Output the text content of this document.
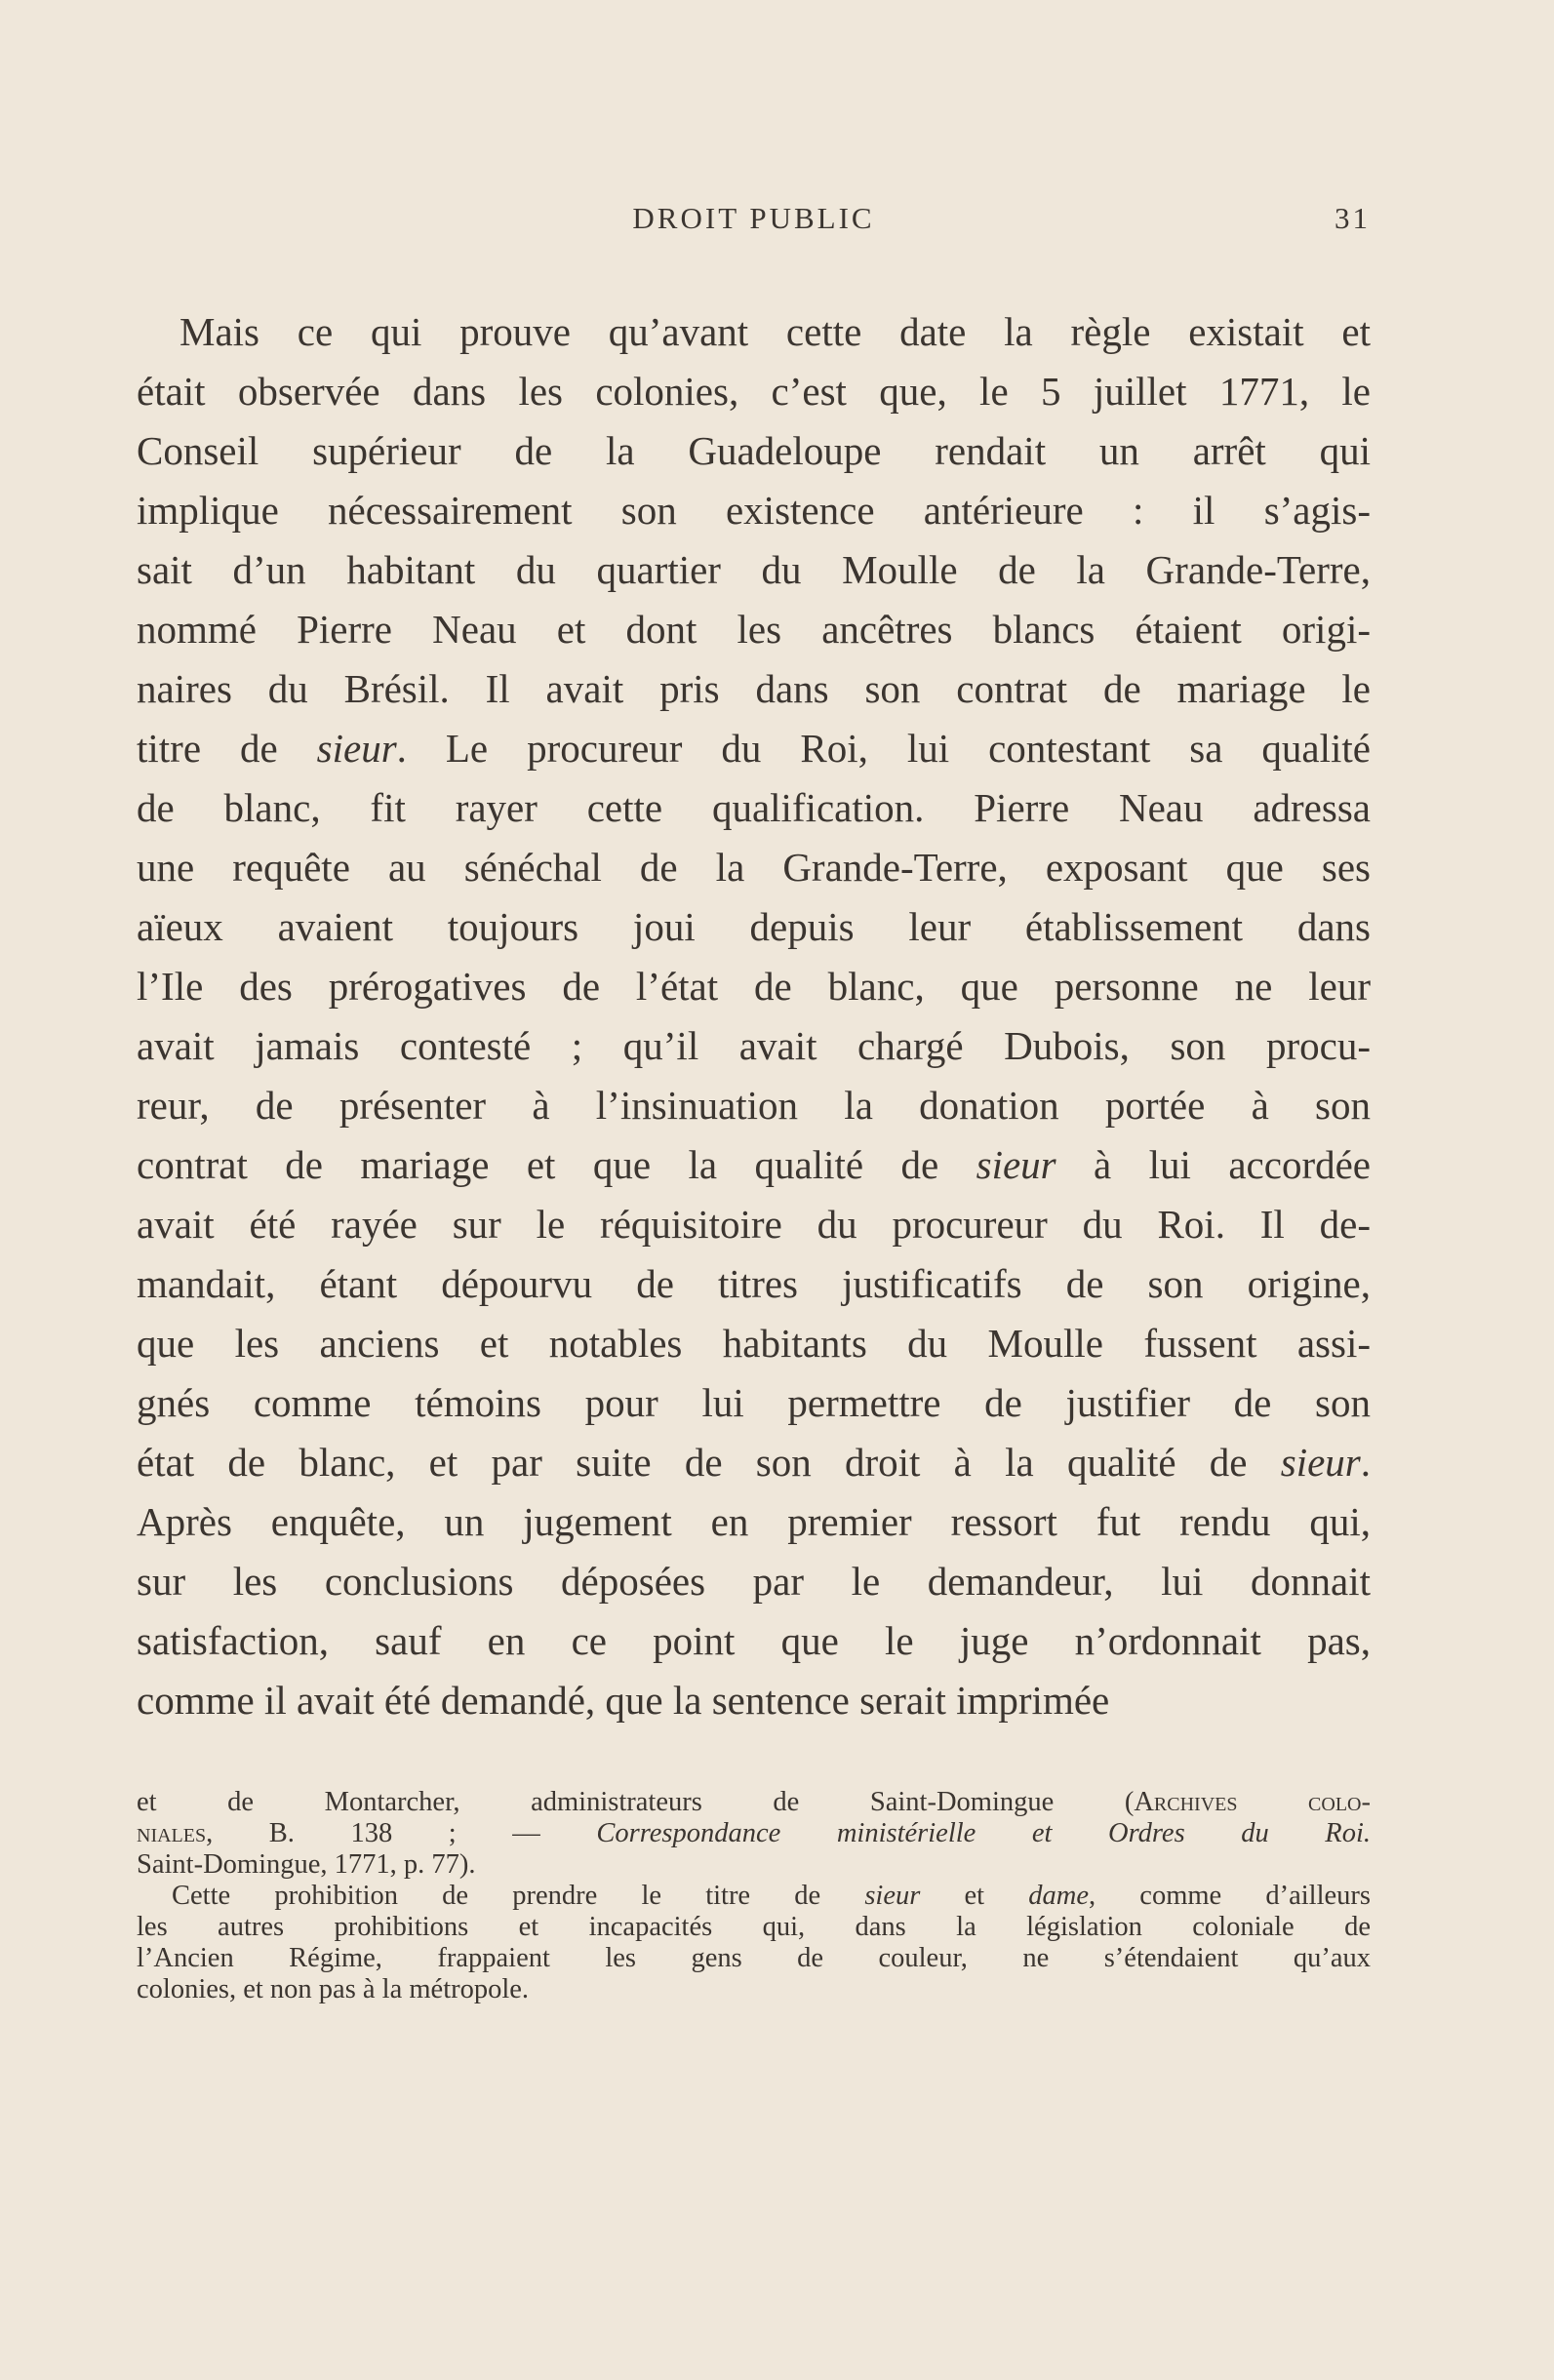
DROIT PUBLIC	31
Mais ce qui prouve qu’avant cette date la règle existait et
était observée dans les colonies, c’est que, le 5 juillet 1771, le
Conseil supérieur de la Guadeloupe rendait un arrêt qui
implique nécessairement son existence antérieure : il s’agis-
sait d’un habitant du quartier du Moulle de la Grande-Terre,
nommé Pierre Neau et dont les ancêtres blancs étaient origi-
naires du Brésil. Il avait pris dans son contrat de mariage le
titre de sieur. Le procureur du Roi, lui contestant sa qualité
de blanc, fit rayer cette qualification. Pierre Neau adressa
une requête au sénéchal de la Grande-Terre, exposant que ses
aïeux avaient toujours joui depuis leur établissement dans
l’Ile des prérogatives de l’état de blanc, que personne ne leur
avait jamais contesté ; qu’il avait chargé Dubois, son procu-
reur, de présenter à l’insinuation la donation portée à son
contrat de mariage et que la qualité de sieur à lui accordée
avait été rayée sur le réquisitoire du procureur du Roi. Il de-
mandait, étant dépourvu de titres justificatifs de son origine,
que les anciens et notables habitants du Moulle fussent assi-
gnés comme témoins pour lui permettre de justifier de son
état de blanc, et par suite de son droit à la qualité de sieur.
Après enquête, un jugement en premier ressort fut rendu qui,
sur les conclusions déposées par le demandeur, lui donnait
satisfaction, sauf en ce point que le juge n’ordonnait pas,
comme il avait été demandé, que la sentence serait imprimée
et de Montarcher, administrateurs de Saint-Domingue (Archives colo-
niales, B. 138 ; — Correspondance ministérielle et Ordres du Roi.
Saint-Domingue, 1771, p. 77).
Cette prohibition de prendre le titre de sieur et dame, comme d’ailleurs
les autres prohibitions et incapacités qui, dans la législation coloniale de
l’Ancien Régime, frappaient les gens de couleur, ne s’étendaient qu’aux
colonies, et non pas à la métropole.
